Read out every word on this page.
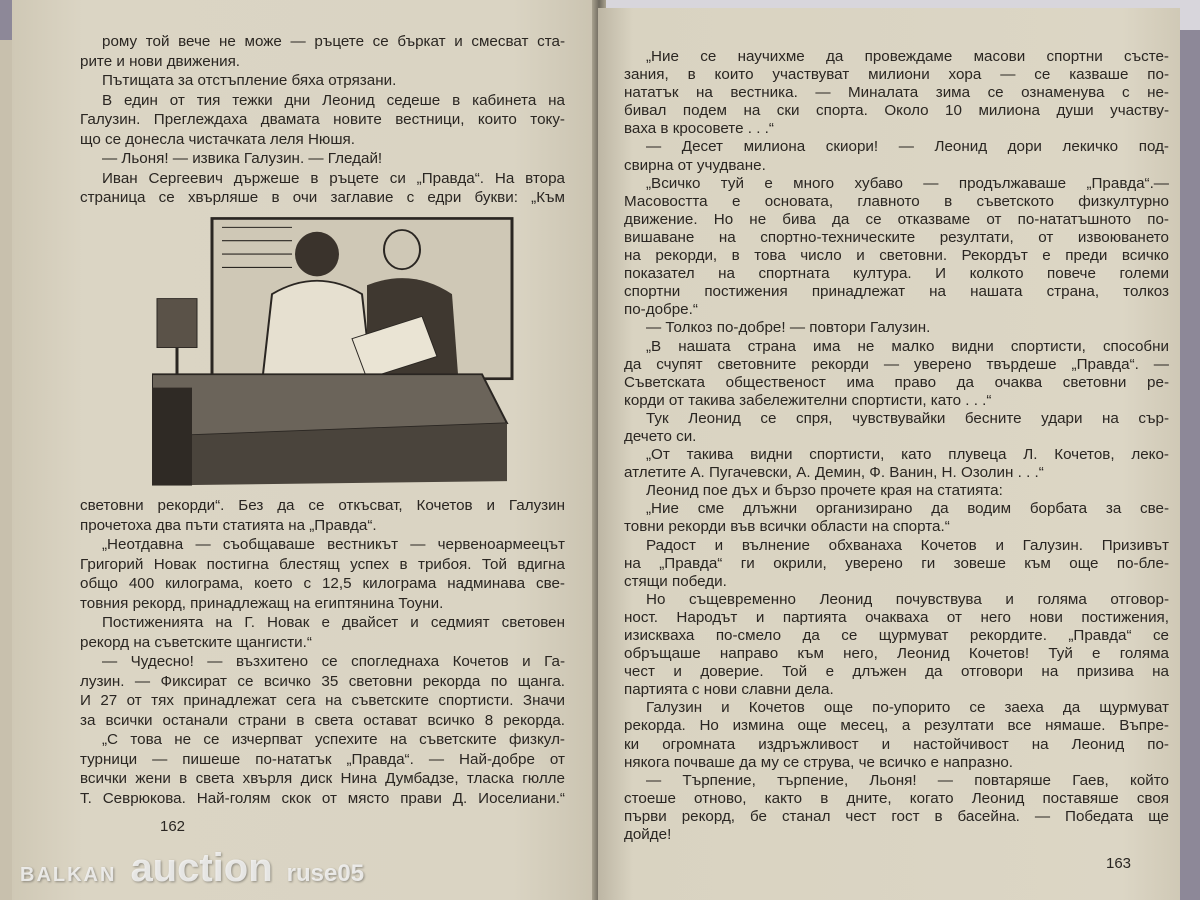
рому той вече не може — ръцете се бъркат и смесват ста-
рите и нови движения.
Пътищата за отстъпление бяха отрязани.
В един от тия тежки дни Леонид седеше в кабинета на
Галузин. Преглеждаха двамата новите вестници, които току-
що се донесла чистачката леля Нюшя.
— Льоня! — извика Галузин. — Гледай!
Иван Сергеевич държеше в ръцете си „Правда“. На втора
страница се хвърляше в очи заглавие с едри букви: „Към
световни рекорди“. Без да се откъсват, Кочетов и Галузин
прочетоха два пъти статията на „Правда“.
„Неотдавна — съобщаваше вестникът — червеноармеецът
Григорий Новак постигна блестящ успех в трибоя. Той вдигна
общо 400 килограма, което с 12,5 килограма надминава све-
товния рекорд, принадлежащ на египтянина Тоуни.
Постиженията на Г. Новак е двайсет и седмият световен
рекорд на съветските щангисти.“
— Чудесно! — възхитено се спогледнаха Кочетов и Га-
лузин. — Фиксират се всичко 35 световни рекорда по щанга.
И 27 от тях принадлежат сега на съветските спортисти. Значи
за всички останали страни в света остават всичко 8 рекорда.
„С това не се изчерпват успехите на съветските физкул-
турници — пишеше по-нататък „Правда“. — Най-добре от
всички жени в света хвърля диск Нина Думбадзе, тласка гюлле
Т. Севрюкова. Най-голям скок от място прави Д. Иоселиани.“
162
„Ние се научихме да провеждаме масови спортни състе-
зания, в които участвуват милиони хора — се казваше по-
нататък на вестника. — Миналата зима се ознаменува с не-
бивал подем на ски спорта. Около 10 милиона души участву-
ваха в кросовете . . .“
— Десет милиона скиори! — Леонид дори лекичко под-
свирна от учудване.
„Всичко туй е много хубаво — продължаваше „Правда“.—
Масовостта е основата, главното в съветското физкултурно
движение. Но не бива да се отказваме от по-нататъшното по-
вишаване на спортно-техническите резултати, от извоюването
на рекорди, в това число и световни. Рекордът е преди всичко
показател на спортната култура. И колкото повече големи
спортни постижения принадлежат на нашата страна, толкоз
по-добре.“
— Толкоз по-добре! — повтори Галузин.
„В нашата страна има не малко видни спортисти, способни
да счупят световните рекорди — уверено твърдеше „Правда“. —
Съветската общественост има право да очаква световни ре-
корди от такива забележителни спортисти, като . . .“
Тук Леонид се спря, чувствувайки бесните удари на сър-
дечето си.
„От такива видни спортисти, като плувеца Л. Кочетов, леко-
атлетите А. Пугачевски, А. Демин, Ф. Ванин, Н. Озолин . . .“
Леонид пое дъх и бързо прочете края на статията:
„Ние сме длъжни организирано да водим борбата за све-
товни рекорди във всички области на спорта.“
Радост и вълнение обхванаха Кочетов и Галузин. Призивът
на „Правда“ ги окрили, уверено ги зовеше към още по-бле-
стящи победи.
Но същевременно Леонид почувствува и голяма отговор-
ност. Народът и партията очакваха от него нови постижения,
изискваха по-смело да се щурмуват рекордите. „Правда“ се
обръщаше направо към него, Леонид Кочетов! Туй е голяма
чест и доверие. Той е длъжен да отговори на призива на
партията с нови славни дела.
Галузин и Кочетов още по-упорито се заеха да щурмуват
рекорда. Но измина още месец, а резултати все нямаше. Въпре-
ки огромната издръжливост и настойчивост на Леонид по-
някога почваше да му се струва, че всичко е напразно.
— Търпение, търпение, Льоня! — повтаряше Гаев, който
стоеше отново, както в дните, когато Леонид поставяше своя
първи рекорд, бе станал чест гост в басейна. — Победата ще
дойде!
163
BALKAN auction ruse05
